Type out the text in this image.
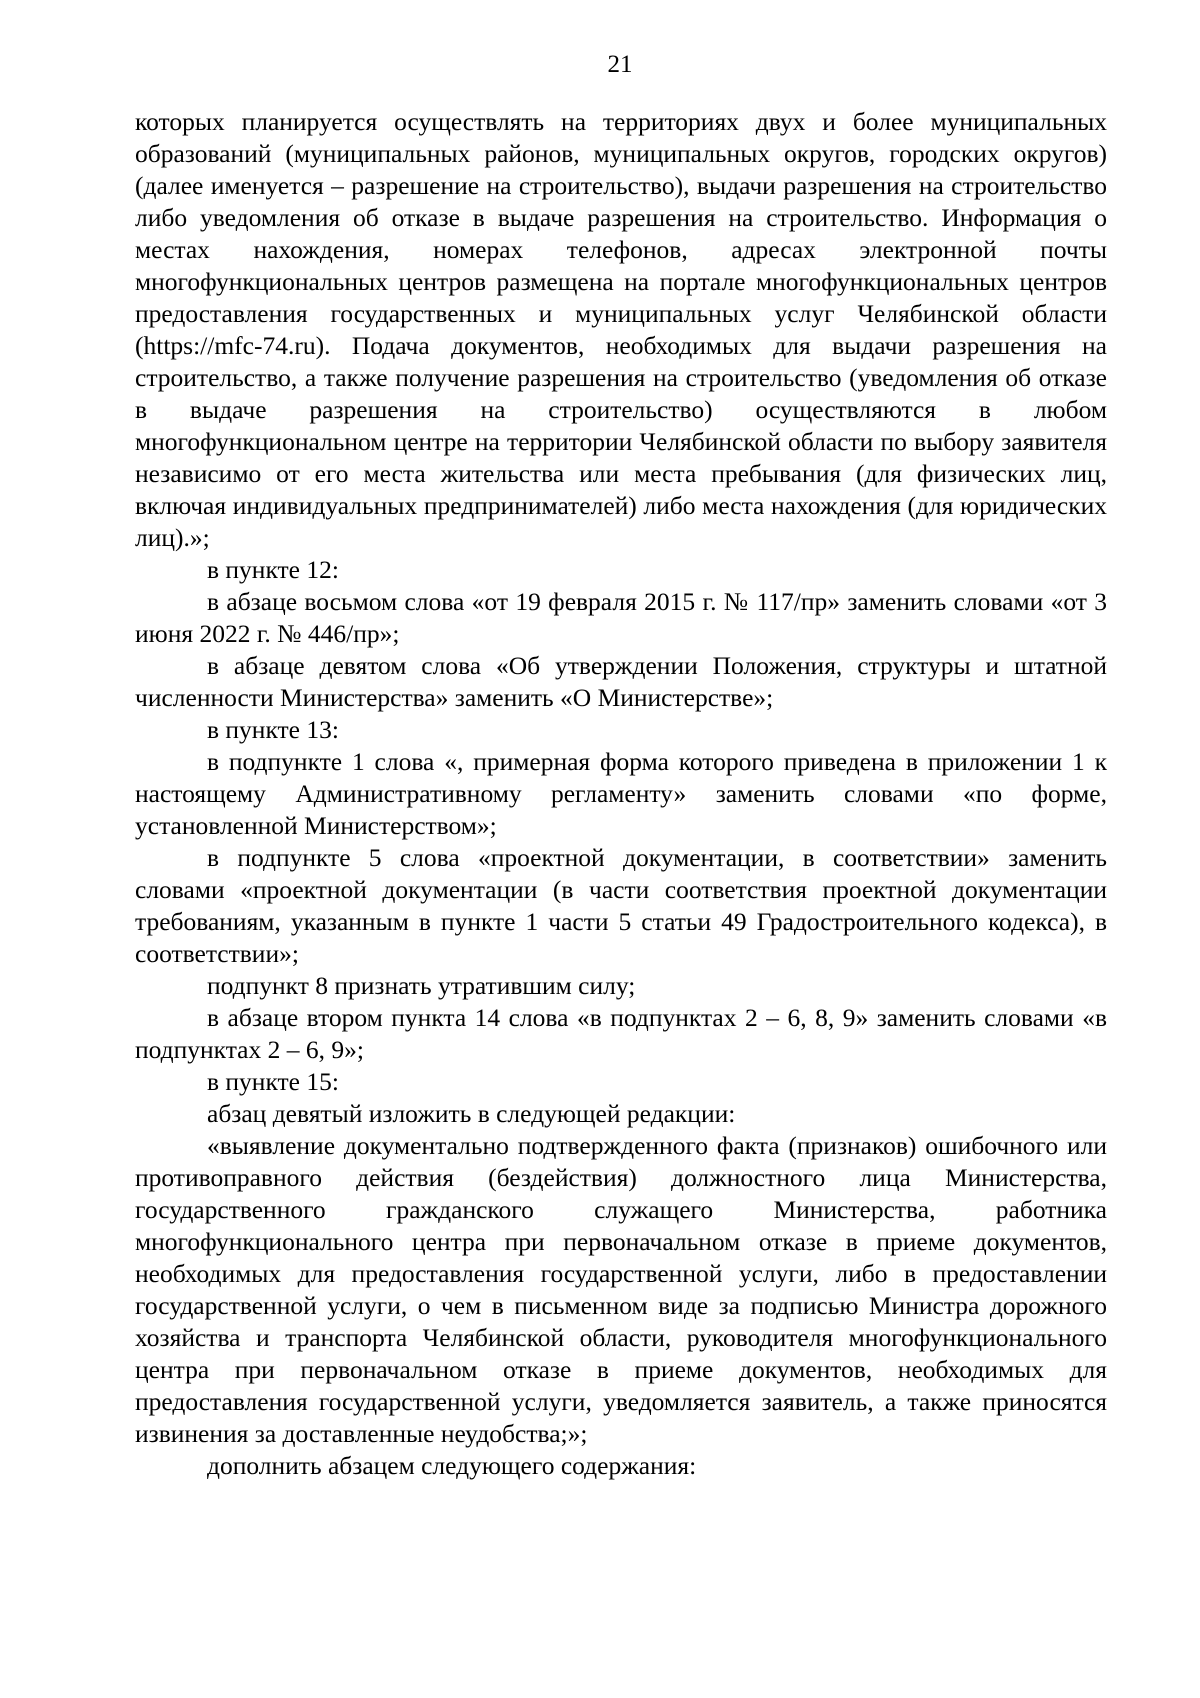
21

которых планируется осуществлять на территориях двух и более муниципальных образований (муниципальных районов, муниципальных округов, городских округов) (далее именуется – разрешение на строительство), выдачи разрешения на строительство либо уведомления об отказе в выдаче разрешения на строительство. Информация о местах нахождения, номерах телефонов, адресах электронной почты многофункциональных центров размещена на портале многофункциональных центров предоставления государственных и муниципальных услуг Челябинской области (https://mfc-74.ru). Подача документов, необходимых для выдачи разрешения на строительство, а также получение разрешения на строительство (уведомления об отказе в выдаче разрешения на строительство) осуществляются в любом многофункциональном центре на территории Челябинской области по выбору заявителя независимо от его места жительства или места пребывания (для физических лиц, включая индивидуальных предпринимателей) либо места нахождения (для юридических лиц).»;

в пункте 12:

в абзаце восьмом слова «от 19 февраля 2015 г. № 117/пр» заменить словами «от 3 июня 2022 г. № 446/пр»;

в абзаце девятом слова «Об утверждении Положения, структуры и штатной численности Министерства» заменить «О Министерстве»;

в пункте 13:

в подпункте 1 слова «, примерная форма которого приведена в приложении 1 к настоящему Административному регламенту» заменить словами «по форме, установленной Министерством»;

в подпункте 5 слова «проектной документации, в соответствии» заменить словами «проектной документации (в части соответствия проектной документации требованиям, указанным в пункте 1 части 5 статьи 49 Градостроительного кодекса), в соответствии»;

подпункт 8 признать утратившим силу;

в абзаце втором пункта 14 слова «в подпунктах 2 – 6, 8, 9» заменить словами «в подпунктах 2 – 6, 9»;

в пункте 15:

абзац девятый изложить в следующей редакции:

«выявление документально подтвержденного факта (признаков) ошибочного или противоправного действия (бездействия) должностного лица Министерства, государственного гражданского служащего Министерства, работника многофункционального центра при первоначальном отказе в приеме документов, необходимых для предоставления государственной услуги, либо в предоставлении государственной услуги, о чем в письменном виде за подписью Министра дорожного хозяйства и транспорта Челябинской области, руководителя многофункционального центра при первоначальном отказе в приеме документов, необходимых для предоставления государственной услуги, уведомляется заявитель, а также приносятся извинения за доставленные неудобства;»;

дополнить абзацем следующего содержания:
